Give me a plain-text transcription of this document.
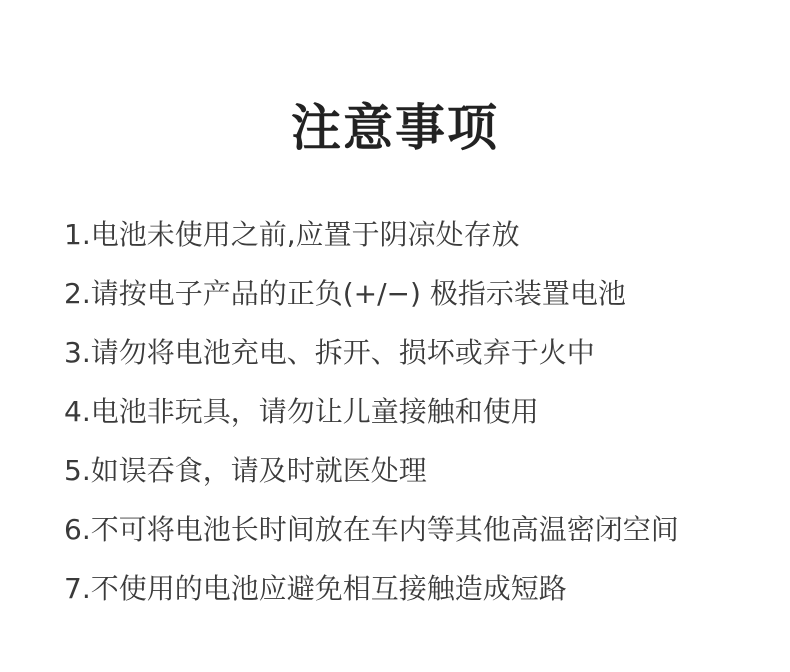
注意事项
1.电池未使用之前,应置于阴凉处存放
2.请按电子产品的正负(+/−) 极指示装置电池
3.请勿将电池充电、拆开、损坏或弃于火中
4.电池非玩具，请勿让儿童接触和使用
5.如误吞食，请及时就医处理
6.不可将电池长时间放在车内等其他高温密闭空间
7.不使用的电池应避免相互接触造成短路
